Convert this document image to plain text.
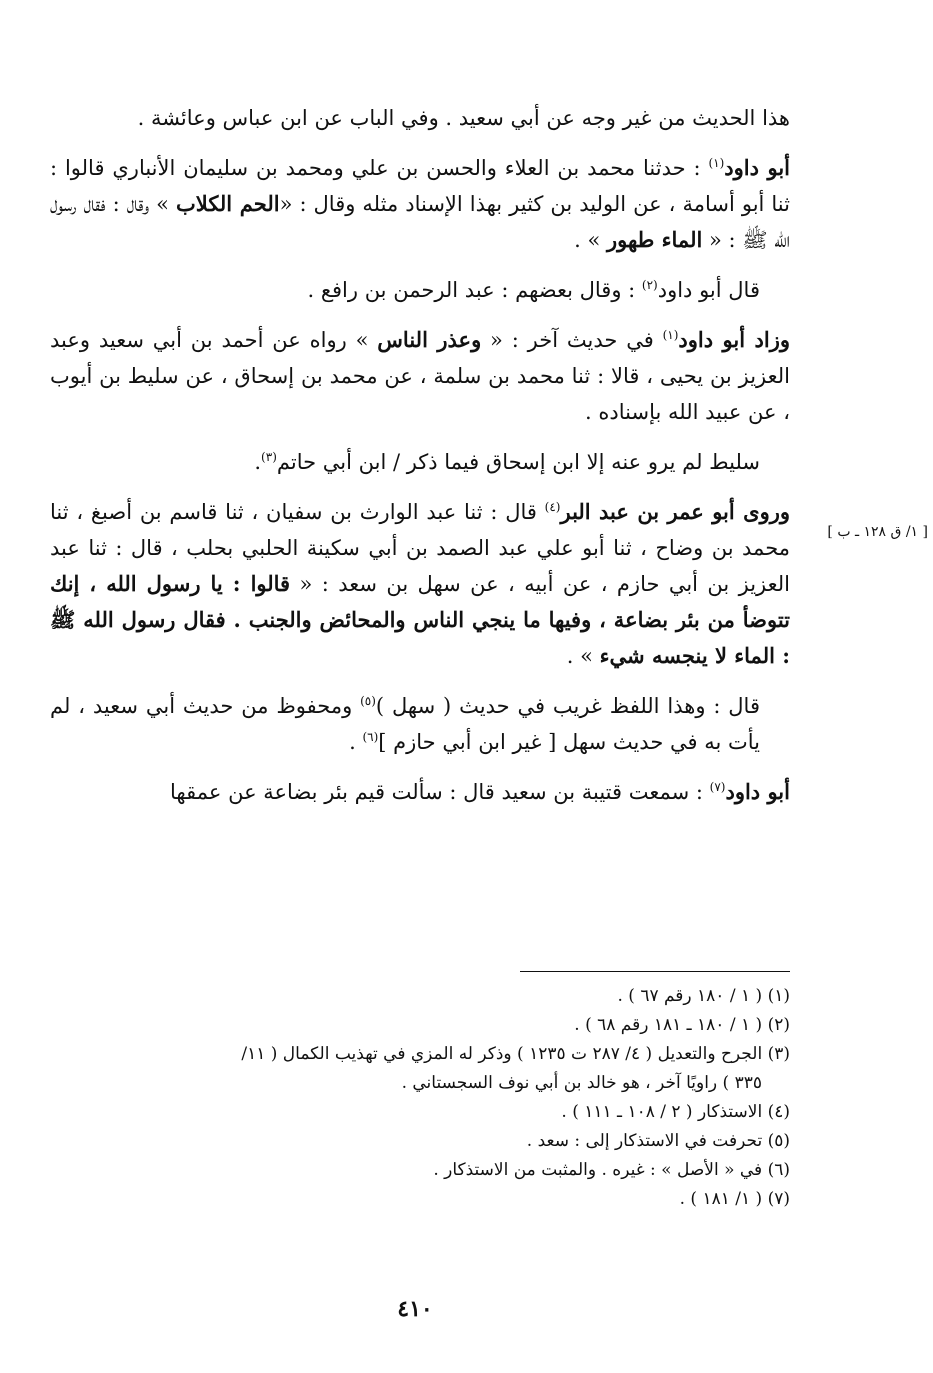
هذا الحديث من غير وجه عن أبي سعيد . وفي الباب عن ابن عباس وعائشة .

أبو داود$^{(١)}$ : حدثنا محمد بن العلاء والحسن بن علي ومحمد بن سليمان الأنباري قالوا : ثنا أبو أسامة ، عن الوليد بن كثير بهذا الإسناد مثله وقال : «الحم الكلاب » وقال : فقال رسول الله ﷺ : « الماء طهور » .

قال أبو داود$^{(٢)}$ : وقال بعضهم : عبد الرحمن بن رافع .

وزاد أبو داود$^{(١)}$ في حديث آخر : « وعذر الناس » رواه عن أحمد بن أبي سعيد وعبد العزيز بن يحيى ، قالا : ثنا محمد بن سلمة ، عن محمد بن إسحاق ، عن سليط بن أيوب ، عن عبيد الله بإسناده .

سليط لم يرو عنه إلا ابن إسحاق فيما ذكر / ابن أبي حاتم$^{(٣)}$.

وروى أبو عمر بن عبد البر$^{(٤)}$ قال : ثنا عبد الوارث بن سفيان ، ثنا قاسم بن أصبغ ، ثنا محمد بن وضاح ، ثنا أبو علي عبد الصمد بن أبي سكينة الحلبي بحلب ، قال : ثنا عبد العزيز بن أبي حازم ، عن أبيه ، عن سهل بن سعد : « قالوا : يا رسول الله ، إنك تتوضأ من بئر بضاعة ، وفيها ما ينجي الناس والمحائض والجنب . فقال رسول الله ﷺ : الماء لا ينجسه شيء » .

قال : وهذا اللفظ غريب في حديث ( سهل )$^{(٥)}$ ومحفوظ من حديث أبي سعيد ، لم يأت به في حديث سهل [ غير ابن أبي حازم ]$^{(٦)}$ .

أبو داود$^{(٧)}$ : سمعت قتيبة بن سعيد قال : سألت قيم بئر بضاعة عن عمقها

[ ١/ ق ١٢٨ ـ ب ]

(١) ( ١ / ١٨٠ رقم ٦٧ ) .

(٢) ( ١ / ١٨٠ ـ ١٨١ رقم ٦٨ ) .

(٣) الجرح والتعديل ( ٤/ ٢٨٧ ت ١٢٣٥ ) وذكر له المزي في تهذيب الكمال ( ١١/

٣٣٥ ) راويًا آخر ، هو خالد بن أبي نوف السجستاني .

(٤) الاستذكار ( ٢ / ١٠٨ ـ ١١١ ) .

(٥) تحرفت في الاستذكار إلى : سعد .

(٦) في « الأصل » : غيره . والمثبت من الاستذكار .

(٧) ( ١/ ١٨١ ) .

٤١٠
